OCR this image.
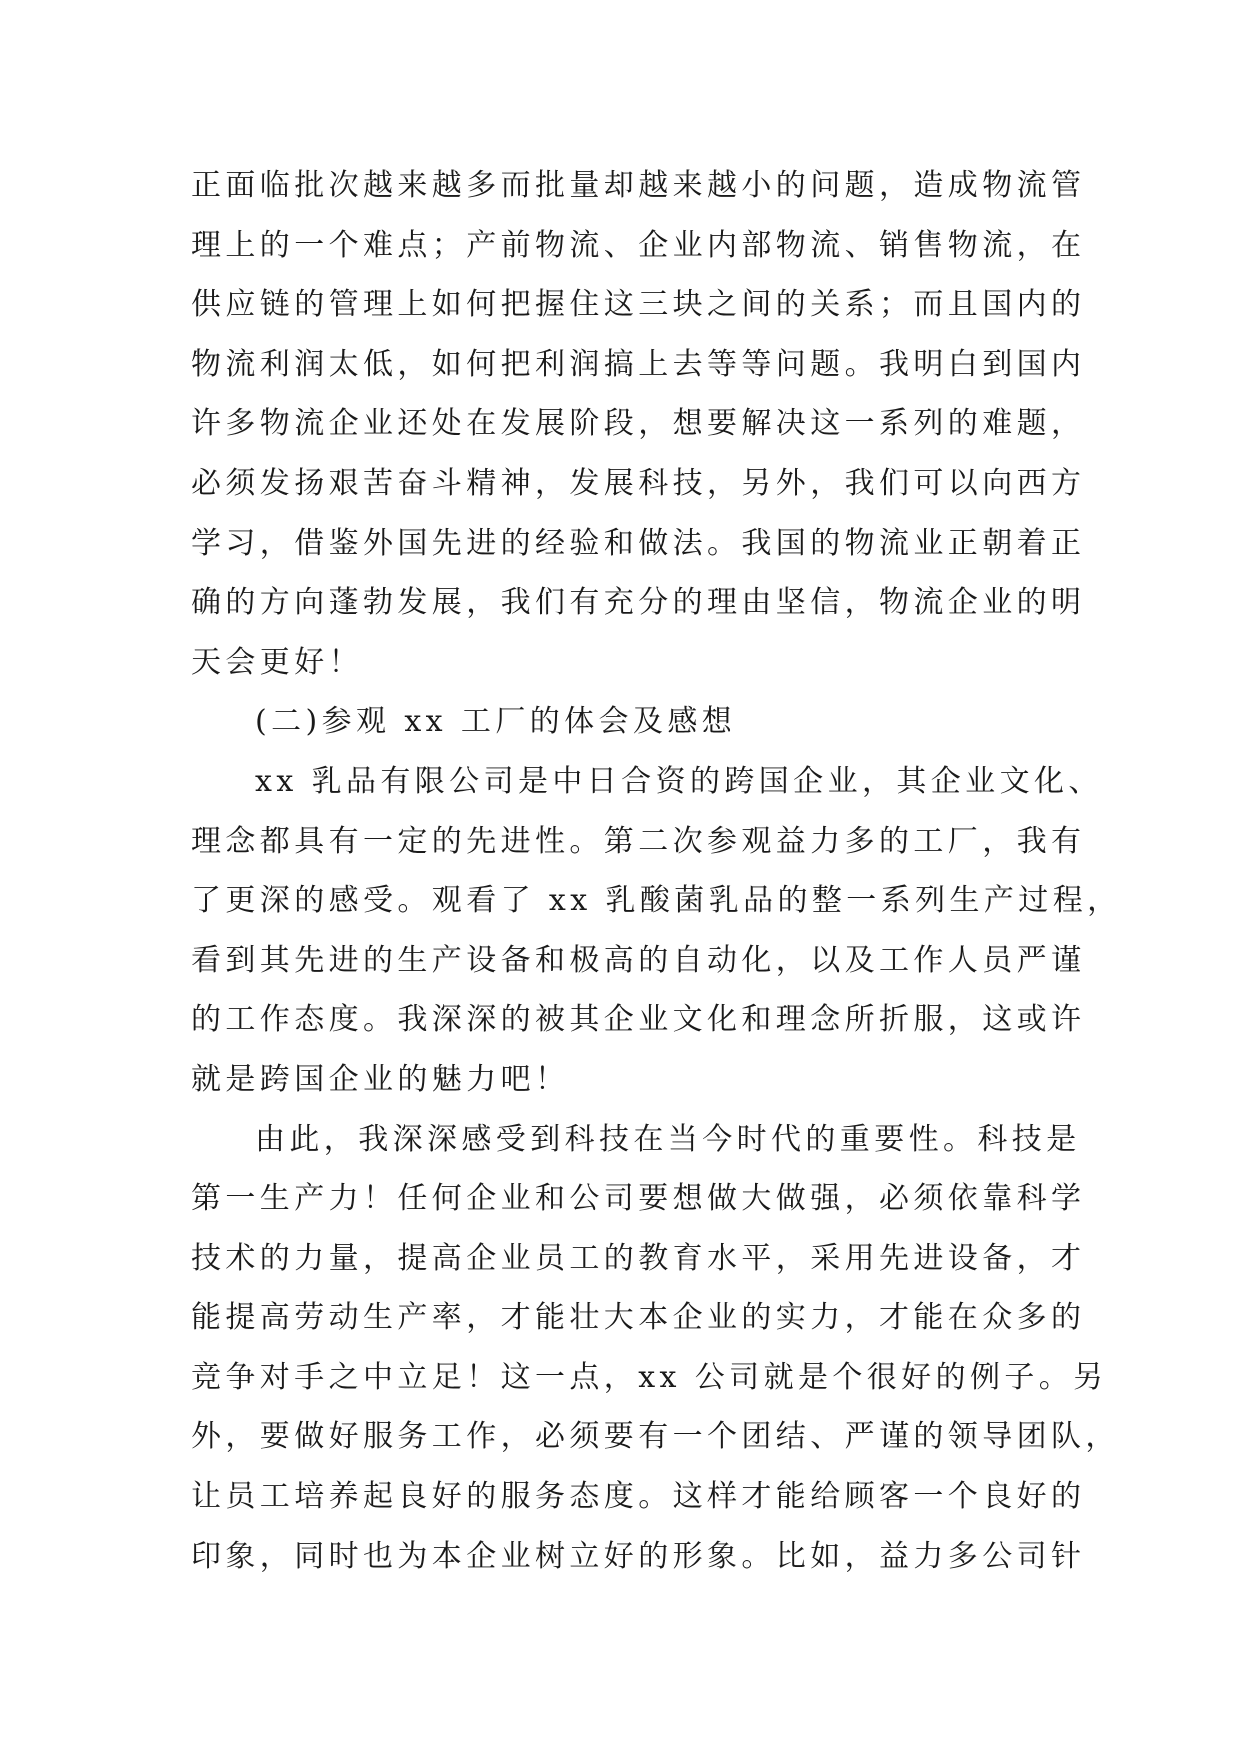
正面临批次越来越多而批量却越来越小的问题，造成物流管
理上的一个难点；产前物流、企业内部物流、销售物流，在
供应链的管理上如何把握住这三块之间的关系；而且国内的
物流利润太低，如何把利润搞上去等等问题。我明白到国内
许多物流企业还处在发展阶段，想要解决这一系列的难题，
必须发扬艰苦奋斗精神，发展科技，另外，我们可以向西方
学习，借鉴外国先进的经验和做法。我国的物流业正朝着正
确的方向蓬勃发展，我们有充分的理由坚信，物流企业的明
天会更好！
(二)参观 xx 工厂的体会及感想
xx 乳品有限公司是中日合资的跨国企业，其企业文化、
理念都具有一定的先进性。第二次参观益力多的工厂，我有
了更深的感受。观看了 xx 乳酸菌乳品的整一系列生产过程，
看到其先进的生产设备和极高的自动化，以及工作人员严谨
的工作态度。我深深的被其企业文化和理念所折服，这或许
就是跨国企业的魅力吧！
由此，我深深感受到科技在当今时代的重要性。科技是
第一生产力！任何企业和公司要想做大做强，必须依靠科学
技术的力量，提高企业员工的教育水平，采用先进设备，才
能提高劳动生产率，才能壮大本企业的实力，才能在众多的
竞争对手之中立足！这一点，xx 公司就是个很好的例子。另
外，要做好服务工作，必须要有一个团结、严谨的领导团队，
让员工培养起良好的服务态度。这样才能给顾客一个良好的
印象，同时也为本企业树立好的形象。比如，益力多公司针
